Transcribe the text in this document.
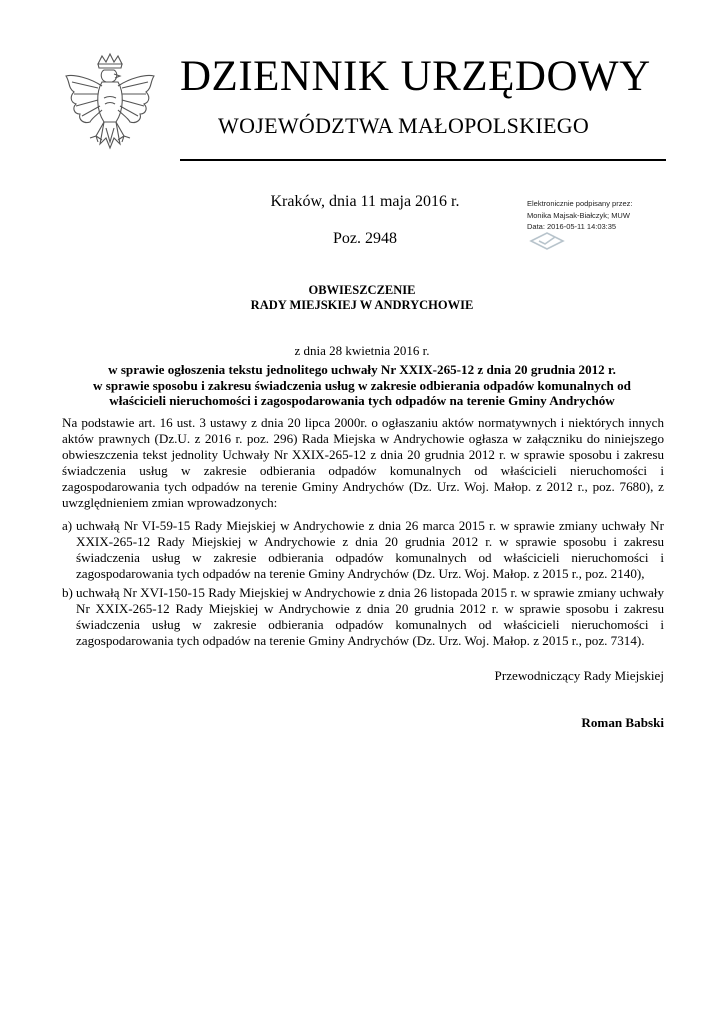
DZIENNIK URZĘDOWY
WOJEWÓDZTWA MAŁOPOLSKIEGO
Kraków, dnia 11 maja 2016 r.
Poz. 2948
Elektronicznie podpisany przez:
Monika Majsak-Białczyk; MUW
Data: 2016-05-11 14:03:35
OBWIESZCZENIE
RADY MIEJSKIEJ W ANDRYCHOWIE
z dnia 28 kwietnia 2016 r.
w sprawie ogłoszenia tekstu jednolitego uchwały Nr XXIX-265-12 z dnia 20 grudnia 2012 r.
w sprawie sposobu i zakresu świadczenia usług w zakresie odbierania odpadów komunalnych od
właścicieli nieruchomości i zagospodarowania tych odpadów na terenie Gminy Andrychów
Na podstawie art. 16 ust. 3 ustawy z dnia 20 lipca 2000r. o ogłaszaniu aktów normatywnych i niektórych innych aktów prawnych (Dz.U. z 2016 r. poz. 296) Rada Miejska w Andrychowie ogłasza w załączniku do niniejszego obwieszczenia tekst jednolity Uchwały Nr XXIX-265-12 z dnia 20 grudnia 2012 r. w sprawie sposobu i zakresu świadczenia usług w zakresie odbierania odpadów komunalnych od właścicieli nieruchomości i zagospodarowania tych odpadów na terenie Gminy Andrychów (Dz. Urz. Woj. Małop. z 2012 r., poz. 7680), z uwzględnieniem zmian wprowadzonych:
a) uchwałą Nr VI-59-15 Rady Miejskiej w Andrychowie z dnia 26 marca 2015 r. w sprawie zmiany uchwały Nr XXIX-265-12 Rady Miejskiej w Andrychowie z dnia 20 grudnia 2012 r. w sprawie sposobu i zakresu świadczenia usług w zakresie odbierania odpadów komunalnych od właścicieli nieruchomości i zagospodarowania tych odpadów na terenie Gminy Andrychów (Dz. Urz. Woj. Małop. z 2015 r., poz. 2140),
b) uchwałą Nr XVI-150-15 Rady Miejskiej w Andrychowie z dnia 26 listopada 2015 r. w sprawie zmiany uchwały Nr XXIX-265-12 Rady Miejskiej w Andrychowie z dnia 20 grudnia 2012 r. w sprawie sposobu i zakresu świadczenia usług w zakresie odbierania odpadów komunalnych od właścicieli nieruchomości i zagospodarowania tych odpadów na terenie Gminy Andrychów (Dz. Urz. Woj. Małop. z 2015 r., poz. 7314).
Przewodniczący Rady Miejskiej
Roman Babski
